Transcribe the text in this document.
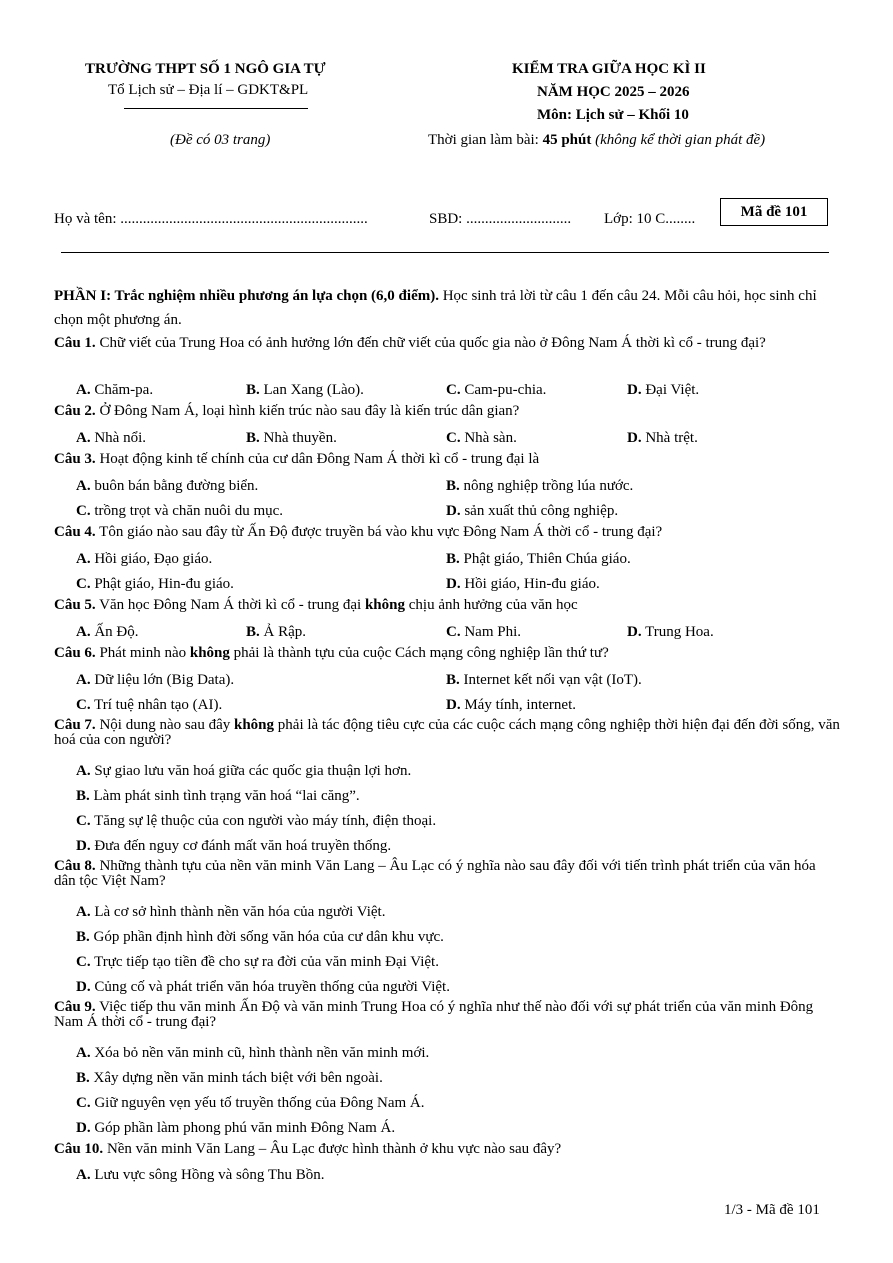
TRƯỜNG THPT SỐ 1 NGÔ GIA TỰ
Tổ Lịch sử – Địa lí – GDKT&PL
(Đề có 03 trang)
KIỂM TRA GIỮA HỌC KÌ II
NĂM HỌC 2025 – 2026
Môn: Lịch sử – Khối 10
Thời gian làm bài: 45 phút (không kể thời gian phát đề)
Họ và tên: ..................................................................	SBD: ............................ Lớp: 10 C........	Mã đề 101
PHẦN I: Trắc nghiệm nhiều phương án lựa chọn (6,0 điểm). Học sinh trả lời từ câu 1 đến câu 24. Mỗi câu hỏi, học sinh chỉ chọn một phương án.
Câu 1. Chữ viết của Trung Hoa có ảnh hưởng lớn đến chữ viết của quốc gia nào ở Đông Nam Á thời kì cổ - trung đại?
A. Chăm-pa.	B. Lan Xang (Lào).	C. Cam-pu-chia.	D. Đại Việt.
Câu 2. Ở Đông Nam Á, loại hình kiến trúc nào sau đây là kiến trúc dân gian?
A. Nhà nổi.	B. Nhà thuyền.	C. Nhà sàn.	D. Nhà trệt.
Câu 3. Hoạt động kinh tế chính của cư dân Đông Nam Á thời kì cổ - trung đại là
A. buôn bán bằng đường biển.	B. nông nghiệp trồng lúa nước.
C. trồng trọt và chăn nuôi du mục.	D. sản xuất thủ công nghiệp.
Câu 4. Tôn giáo nào sau đây từ Ấn Độ được truyền bá vào khu vực Đông Nam Á thời cổ - trung đại?
A. Hồi giáo, Đạo giáo.	B. Phật giáo, Thiên Chúa giáo.
C. Phật giáo, Hin-đu giáo.	D. Hồi giáo, Hin-đu giáo.
Câu 5. Văn học Đông Nam Á thời kì cổ - trung đại không chịu ảnh hưởng của văn học
A. Ấn Độ.	B. Ả Rập.	C. Nam Phi.	D. Trung Hoa.
Câu 6. Phát minh nào không phải là thành tựu của cuộc Cách mạng công nghiệp lần thứ tư?
A. Dữ liệu lớn (Big Data).	B. Internet kết nối vạn vật (IoT).
C. Trí tuệ nhân tạo (AI).	D. Máy tính, internet.
Câu 7. Nội dung nào sau đây không phải là tác động tiêu cực của các cuộc cách mạng công nghiệp thời hiện đại đến đời sống, văn hoá của con người?
A. Sự giao lưu văn hoá giữa các quốc gia thuận lợi hơn.
B. Làm phát sinh tình trạng văn hoá “lai căng”.
C. Tăng sự lệ thuộc của con người vào máy tính, điện thoại.
D. Đưa đến nguy cơ đánh mất văn hoá truyền thống.
Câu 8. Những thành tựu của nền văn minh Văn Lang – Âu Lạc có ý nghĩa nào sau đây đối với tiến trình phát triển của văn hóa dân tộc Việt Nam?
A. Là cơ sở hình thành nền văn hóa của người Việt.
B. Góp phần định hình đời sống văn hóa của cư dân khu vực.
C. Trực tiếp tạo tiền đề cho sự ra đời của văn minh Đại Việt.
D. Củng cố và phát triển văn hóa truyền thống của người Việt.
Câu 9. Việc tiếp thu văn minh Ấn Độ và văn minh Trung Hoa có ý nghĩa như thế nào đối với sự phát triển của văn minh Đông Nam Á thời cổ - trung đại?
A. Xóa bỏ nền văn minh cũ, hình thành nền văn minh mới.
B. Xây dựng nền văn minh tách biệt với bên ngoài.
C. Giữ nguyên vẹn yếu tố truyền thống của Đông Nam Á.
D. Góp phần làm phong phú văn minh Đông Nam Á.
Câu 10. Nền văn minh Văn Lang – Âu Lạc được hình thành ở khu vực nào sau đây?
A. Lưu vực sông Hồng và sông Thu Bồn.
1/3 - Mã đề 101
